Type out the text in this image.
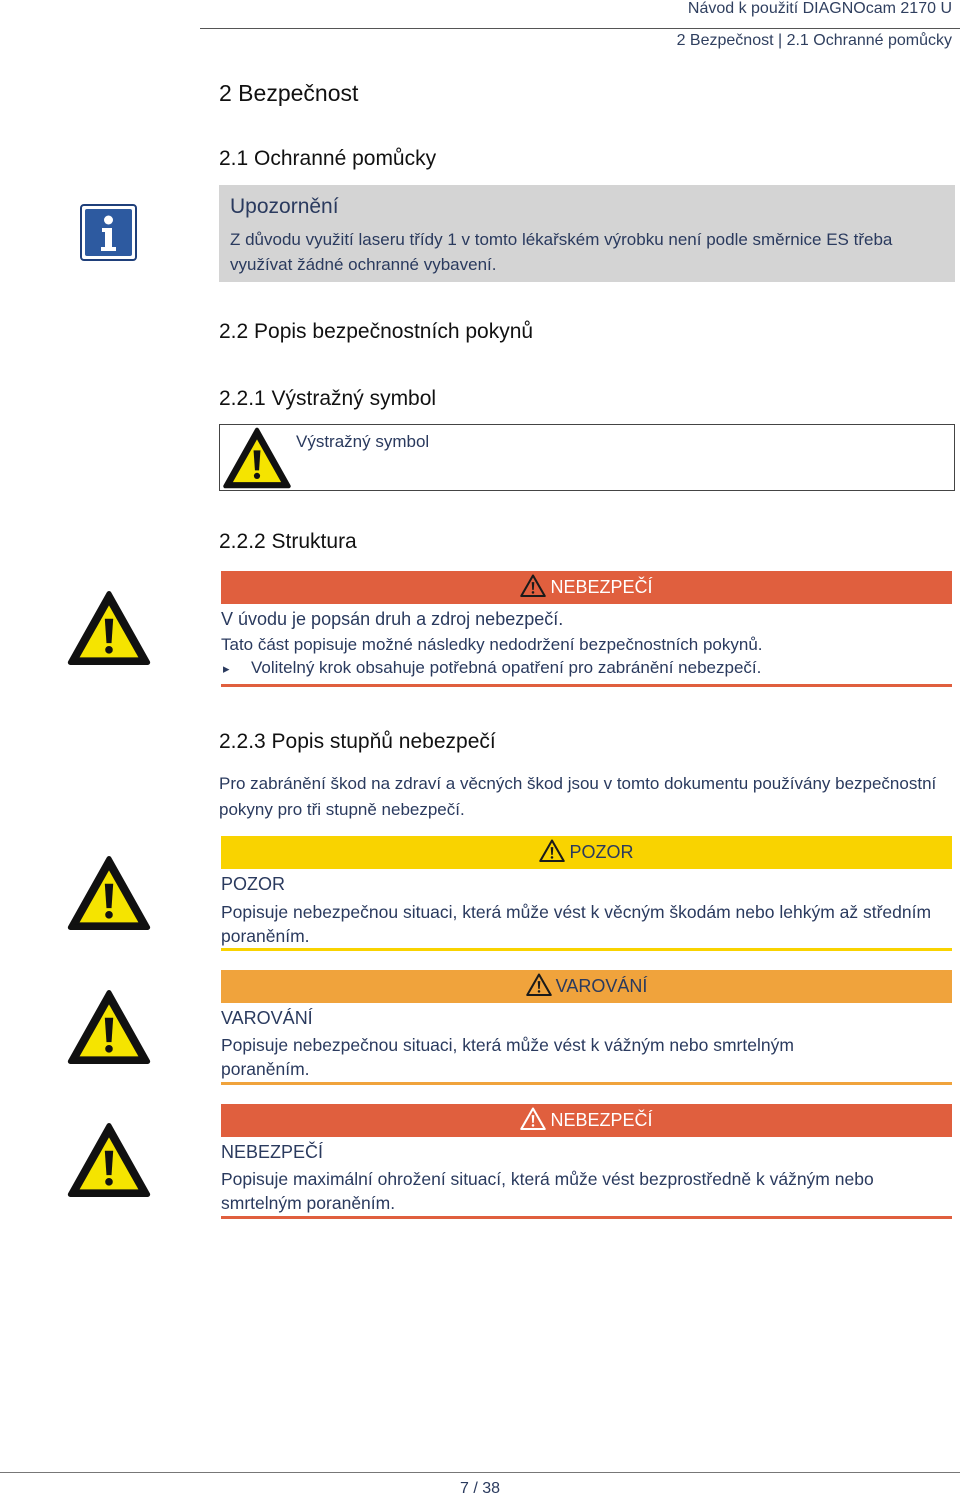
Návod k použití DIAGNOcam 2170 U
2 Bezpečnost | 2.1 Ochranné pomůcky
2 Bezpečnost
2.1 Ochranné pomůcky
Upozornění
Z důvodu využití laseru třídy 1 v tomto lékařském výrobku není podle směrnice ES třeba využívat žádné ochranné vybavení.
2.2 Popis bezpečnostních pokynů
2.2.1 Výstražný symbol
Výstražný symbol
2.2.2 Struktura
NEBEZPEČÍ
V úvodu je popsán druh a zdroj nebezpečí.
Tato část popisuje možné následky nedodržení bezpečnostních pokynů.
▸ Volitelný krok obsahuje potřebná opatření pro zabránění nebezpečí.
2.2.3 Popis stupňů nebezpečí
Pro zabránění škod na zdraví a věcných škod jsou v tomto dokumentu používány bezpečnostní pokyny pro tři stupně nebezpečí.
POZOR
POZOR
Popisuje nebezpečnou situaci, která může vést k věcným škodám nebo lehkým až středním poraněním.
VAROVÁNÍ
VAROVÁNÍ
Popisuje nebezpečnou situaci, která může vést k vážným nebo smrtelným poraněním.
NEBEZPEČÍ
NEBEZPEČÍ
Popisuje maximální ohrožení situací, která může vést bezprostředně k vážným nebo smrtelným poraněním.
7 / 38
